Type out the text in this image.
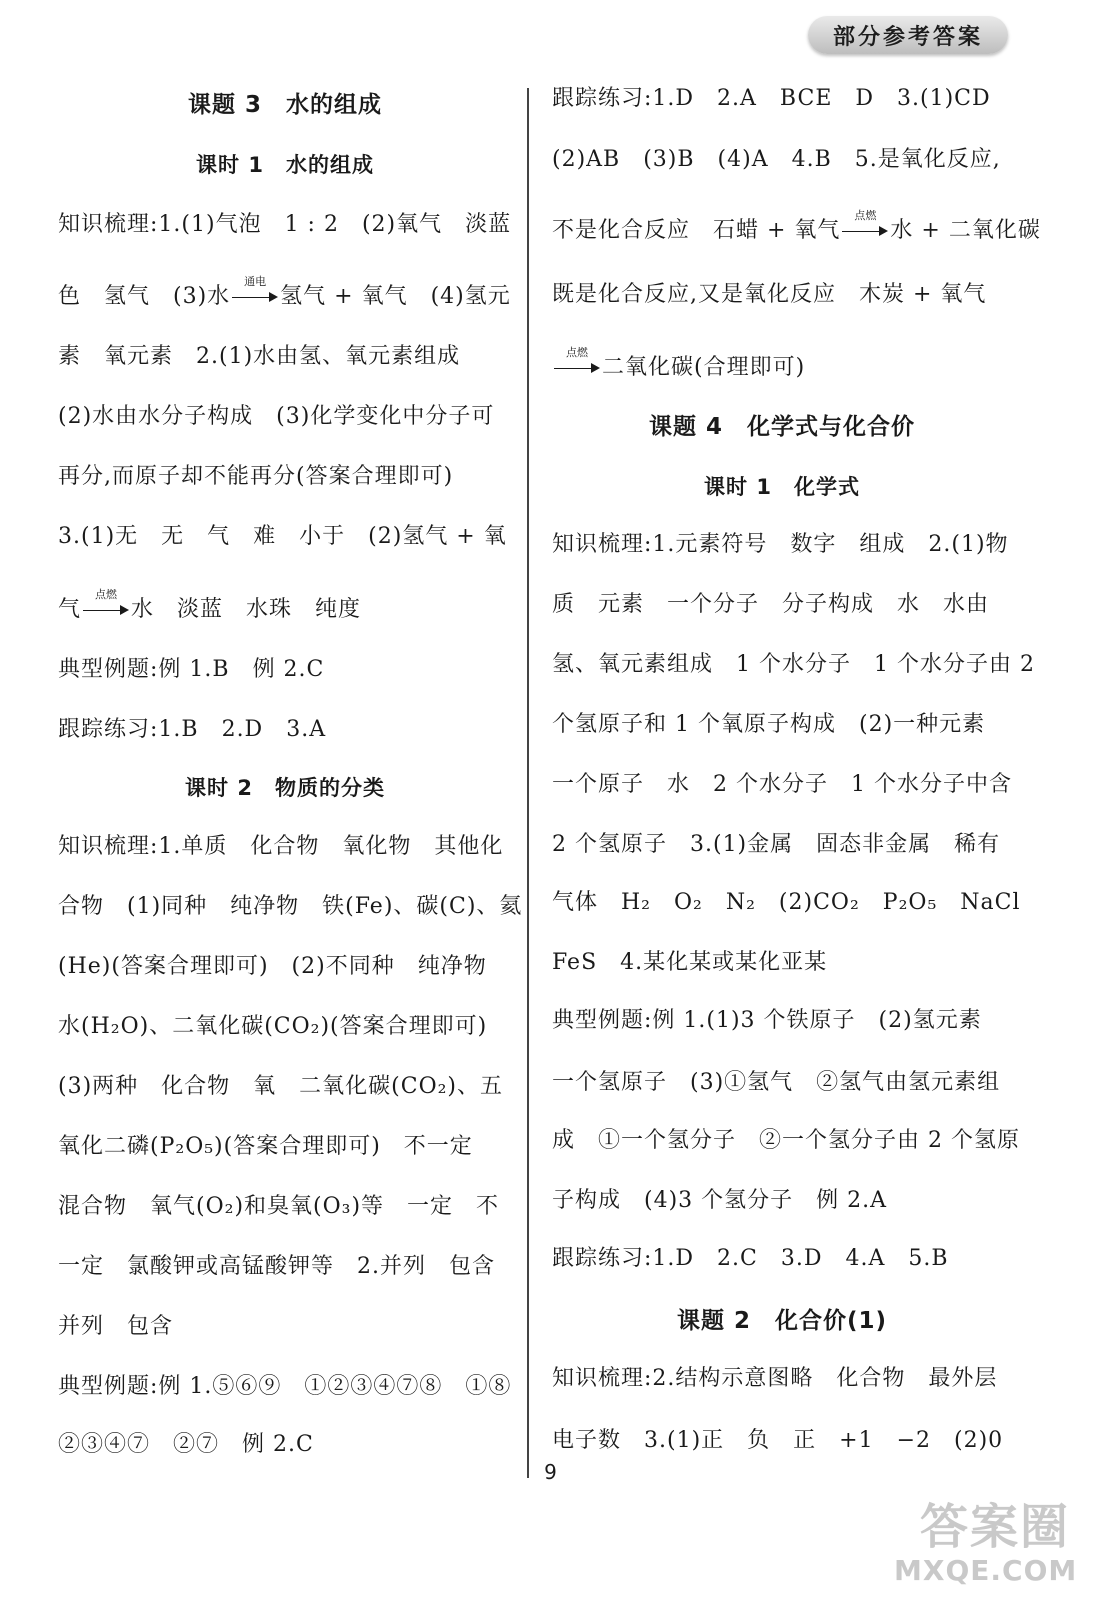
部分参考答案
课题 3　水的组成
课时 1　水的组成
知识梳理:1.(1)气泡　1 : 2　(2)氧气　淡蓝
色　氢气　(3)水
通电
氢气 + 氧气　(4)氢元
素　氧元素　2.(1)水由氢、氧元素组成
(2)水由水分子构成　(3)化学变化中分子可
再分,而原子却不能再分(答案合理即可)
3.(1)无　无　气　难　小于　(2)氢气 + 氧
气
点燃
水　淡蓝　水珠　纯度
典型例题:例 1.B　例 2.C
跟踪练习:1.B　2.D　3.A
课时 2　物质的分类
知识梳理:1.单质　化合物　氧化物　其他化
合物　(1)同种　纯净物　铁(Fe)、碳(C)、氦
(He)(答案合理即可)　(2)不同种　纯净物
水(H₂O)、二氧化碳(CO₂)(答案合理即可)
(3)两种　化合物　氧　二氧化碳(CO₂)、五
氧化二磷(P₂O₅)(答案合理即可)　不一定
混合物　氧气(O₂)和臭氧(O₃)等　一定　不
一定　氯酸钾或高锰酸钾等　2.并列　包含
并列　包含
典型例题:例 1.⑤⑥⑨　①②③④⑦⑧　①⑧
②③④⑦　②⑦　例 2.C
跟踪练习:1.D　2.A　BCE　D　3.(1)CD
(2)AB　(3)B　(4)A　4.B　5.是氧化反应,
不是化合反应　石蜡 + 氧气
点燃
水 + 二氧化碳
既是化合反应,又是氧化反应　木炭 + 氧气
点燃
二氧化碳(合理即可)
课题 4　化学式与化合价
课时 1　化学式
知识梳理:1.元素符号　数字　组成　2.(1)物
质　元素　一个分子　分子构成　水　水由
氢、氧元素组成　1 个水分子　1 个水分子由 2
个氢原子和 1 个氧原子构成　(2)一种元素
一个原子　水　2 个水分子　1 个水分子中含
2 个氢原子　3.(1)金属　固态非金属　稀有
气体　H₂　O₂　N₂　(2)CO₂　P₂O₅　NaCl
FeS　4.某化某或某化亚某
典型例题:例 1.(1)3 个铁原子　(2)氢元素
一个氢原子　(3)①氢气　②氢气由氢元素组
成　①一个氢分子　②一个氢分子由 2 个氢原
子构成　(4)3 个氢分子　例 2.A
跟踪练习:1.D　2.C　3.D　4.A　5.B
课题 2　化合价(1)
知识梳理:2.结构示意图略　化合物　最外层
电子数　3.(1)正　负　正　+1　−2　(2)0
9
答案圈
MXQE.COM
